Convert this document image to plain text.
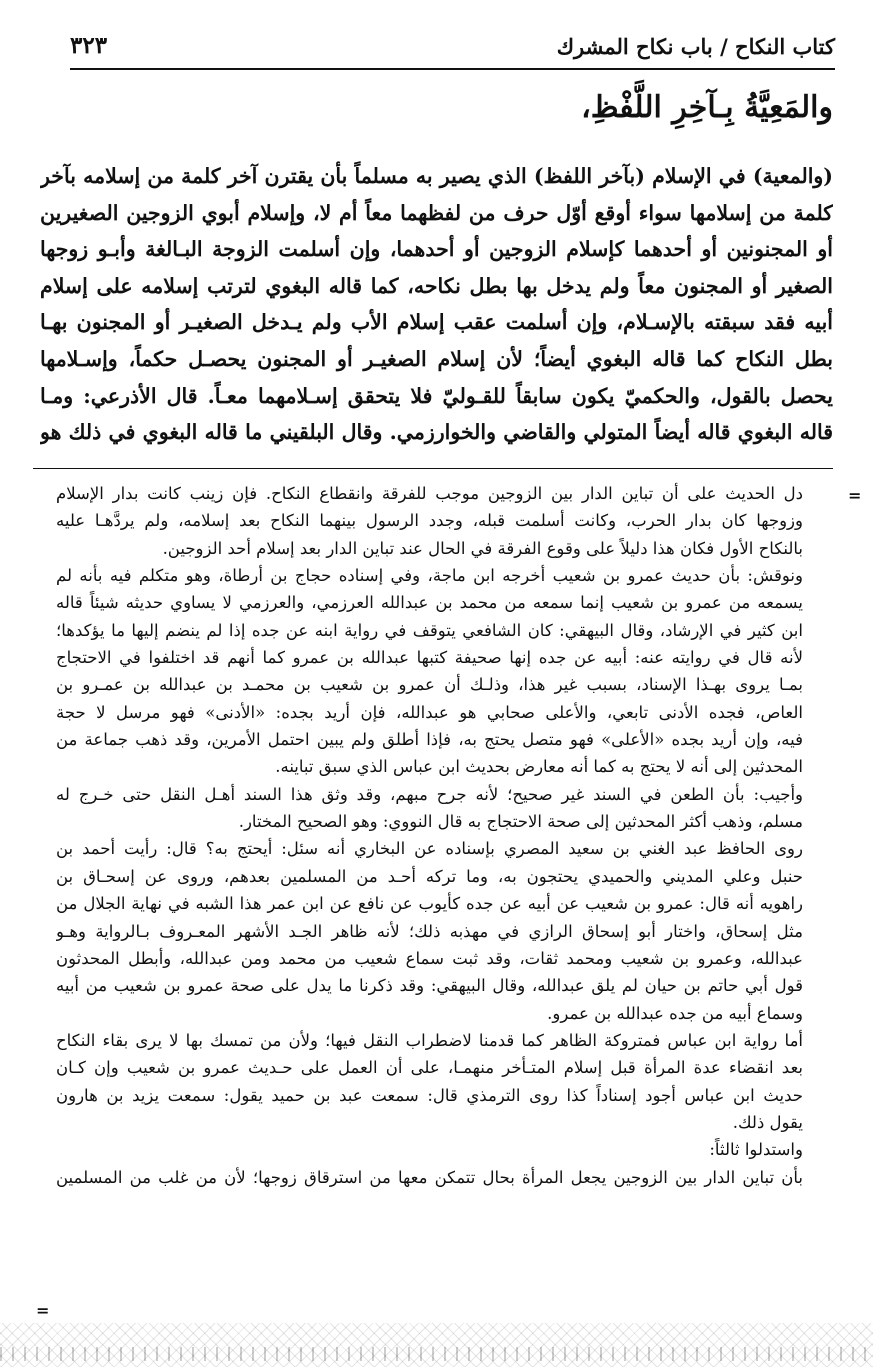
كتاب النكاح / باب نكاح المشرك
٣٢٣
والمَعِيَّةُ بِـآخِرِ اللَّفْظِ،
(والمعية) في الإسلام (بآخر اللفظ) الذي يصير به مسلماً بأن يقترن آخر كلمة من إسلامه بآخر
كلمة من إسلامها سواء أوقع أوّل حرف من لفظهما معاً أم لا، وإسلام أبوي الزوجين الصغيرين
أو المجنونين أو أحدهما كإسلام الزوجين أو أحدهما، وإن أسلمت الزوجة البـالغة وأبـو زوجها
الصغير أو المجنون معاً ولم يدخل بها بطل نكاحه، كما قاله البغوي لترتب إسلامه على إسلام
أبيه فقد سبقته بالإسـلام، وإن أسلمت عقب إسلام الأب ولم يـدخل الصغيـر أو المجنون بهـا
بطل النكاح كما قاله البغوي أيضاً؛ لأن إسلام الصغيـر أو المجنون يحصـل حكماً، وإسـلامها
يحصل بالقول، والحكميّ يكون سابقاً للقـوليّ فلا يتحقق إسـلامهما معـاً. قال الأذرعي: ومـا
قاله البغوي قاله أيضاً المتولي والقاضي والخوارزمي. وقال البلقيني ما قاله البغوي في ذلك هو
=
دل الحديث على أن تباين الدار بين الزوجين موجب للفرقة وانقطاع النكاح. فإن زينب كانت بدار الإسلام
وزوجها كان بدار الحرب، وكانت أسلمت قبله، وجدد الرسول بينهما النكاح بعد إسلامه، ولم يردَّهـا عليه
بالنكاح الأول فكان هذا دليلاً على وقوع الفرقة في الحال عند تباين الدار بعد إسلام أحد الزوجين.
ونوقش: بأن حديث عمرو بن شعيب أخرجه ابن ماجة، وفي إسناده حجاج بن أرطاة، وهو متكلم فيه بأنه لم
يسمعه من عمرو بن شعيب إنما سمعه من محمد بن عبدالله العرزمي، والعرزمي لا يساوي حديثه شيئاً قاله
ابن كثير في الإرشاد، وقال البيهقي: كان الشافعي يتوقف في رواية ابنه عن جده إذا لم ينضم إليها ما يؤكدها؛
لأنه قال في روايته عنه: أبيه عن جده إنها صحيفة كتبها عبدالله بن عمرو كما أنهم قد اختلفوا في الاحتجاج
بمـا يروى بهـذا الإسناد، بسبب غير هذا، وذلـك أن عمرو بن شعيب بن محمـد بن عبدالله بن عمـرو بن
العاص، فجده الأدنى تابعي، والأعلى صحابي هو عبدالله، فإن أريد بجده: «الأدنى» فهو مرسل لا حجة
فيه، وإن أريد بجده «الأعلى» فهو متصل يحتج به، فإذا أطلق ولم يبين احتمل الأمرين، وقد ذهب جماعة من
المحدثين إلى أنه لا يحتج به كما أنه معارض بحديث ابن عباس الذي سبق تباينه.
وأجيب: بأن الطعن في السند غير صحيح؛ لأنه جرح مبهم، وقد وثق هذا السند أهـل النقل حتى خـرج له
مسلم، وذهب أكثر المحدثين إلى صحة الاحتجاج به قال النووي: وهو الصحيح المختار.
روى الحافظ عبد الغني بن سعيد المصري بإسناده عن البخاري أنه سئل: أيحتج به؟ قال: رأيت أحمد بن
حنبل وعلي المديني والحميدي يحتجون به، وما تركه أحـد من المسلمين بعدهم، وروى عن إسحـاق بن
راهويه أنه قال: عمرو بن شعيب عن أبيه عن جده كأيوب عن نافع عن ابن عمر هذا الشبه في نهاية الجلال من
مثل إسحاق، واختار أبو إسحاق الرازي في مهذبه ذلك؛ لأنه ظاهر الجـد الأشهر المعـروف بـالرواية وهـو
عبدالله، وعمرو بن شعيب ومحمد ثقات، وقد ثبت سماع شعيب من محمد ومن عبدالله، وأبطل المحدثون
قول أبي حاتم بن حيان لم يلق عبدالله، وقال البيهقي: وقد ذكرنا ما يدل على صحة عمرو بن شعيب من أبيه
وسماع أبيه من جده عبدالله بن عمرو.
أما رواية ابن عباس فمتروكة الظاهر كما قدمنا لاضطراب النقل فيها؛ ولأن من تمسك بها لا يرى بقاء النكاح
بعد انقضاء عدة المرأة قبل إسلام المتـأخر منهمـا، على أن العمل على حـديث عمرو بن شعيب وإن كـان
حديث ابن عباس أجود إسناداً كذا روى الترمذي قال: سمعت عبد بن حميد يقول: سمعت يزيد بن هارون
يقول ذلك.
واستدلوا ثالثاً:
بأن تباين الدار بين الزوجين يجعل المرأة بحال تتمكن معها من استرقاق زوجها؛ لأن من غلب من المسلمين
=
